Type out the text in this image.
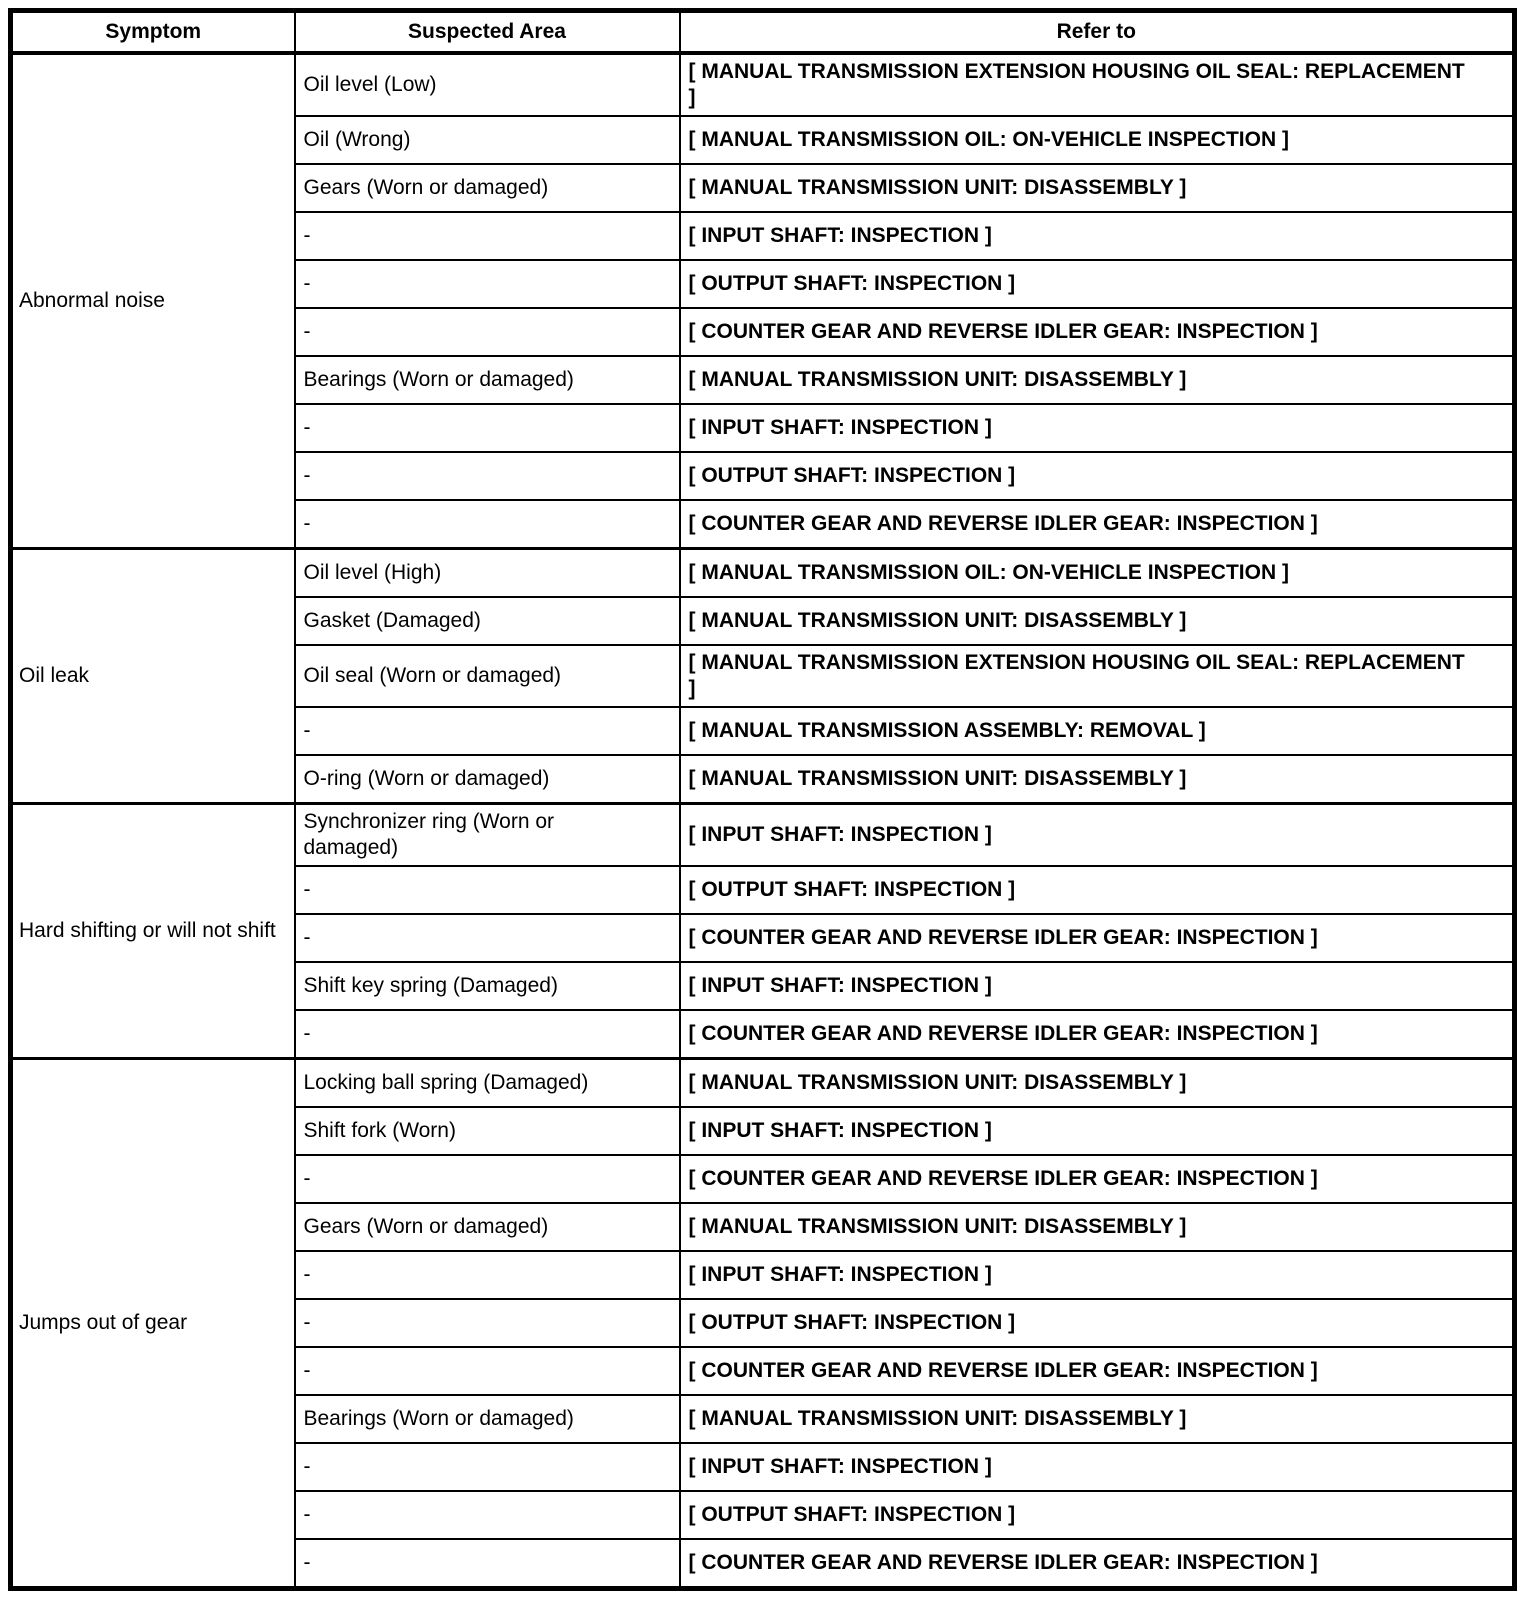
Symptom	Suspected Area	Refer to
Abnormal noise	Oil level (Low)	[ MANUAL TRANSMISSION EXTENSION HOUSING OIL SEAL: REPLACEMENT ]

	Oil (Wrong)	[ MANUAL TRANSMISSION OIL: ON-VEHICLE INSPECTION ]

	Gears (Worn or damaged)	[ MANUAL TRANSMISSION UNIT: DISASSEMBLY ]

	-	[ INPUT SHAFT: INSPECTION ]

	-	[ OUTPUT SHAFT: INSPECTION ]

	-	[ COUNTER GEAR AND REVERSE IDLER GEAR: INSPECTION ]

	Bearings (Worn or damaged)	[ MANUAL TRANSMISSION UNIT: DISASSEMBLY ]

	-	[ INPUT SHAFT: INSPECTION ]

	-	[ OUTPUT SHAFT: INSPECTION ]

	-	[ COUNTER GEAR AND REVERSE IDLER GEAR: INSPECTION ]

Oil leak	Oil level (High)	[ MANUAL TRANSMISSION OIL: ON-VEHICLE INSPECTION ]

	Gasket (Damaged)	[ MANUAL TRANSMISSION UNIT: DISASSEMBLY ]

	Oil seal (Worn or damaged)	[ MANUAL TRANSMISSION EXTENSION HOUSING OIL SEAL: REPLACEMENT ]

	-	[ MANUAL TRANSMISSION ASSEMBLY: REMOVAL ]

	O-ring (Worn or damaged)	[ MANUAL TRANSMISSION UNIT: DISASSEMBLY ]

Hard shifting or will not shift	Synchronizer ring (Worn or damaged)	[ INPUT SHAFT: INSPECTION ]

	-	[ OUTPUT SHAFT: INSPECTION ]

	-	[ COUNTER GEAR AND REVERSE IDLER GEAR: INSPECTION ]

	Shift key spring (Damaged)	[ INPUT SHAFT: INSPECTION ]

	-	[ COUNTER GEAR AND REVERSE IDLER GEAR: INSPECTION ]

Jumps out of gear	Locking ball spring (Damaged)	[ MANUAL TRANSMISSION UNIT: DISASSEMBLY ]

	Shift fork (Worn)	[ INPUT SHAFT: INSPECTION ]

	-	[ COUNTER GEAR AND REVERSE IDLER GEAR: INSPECTION ]

	Gears (Worn or damaged)	[ MANUAL TRANSMISSION UNIT: DISASSEMBLY ]

	-	[ INPUT SHAFT: INSPECTION ]

	-	[ OUTPUT SHAFT: INSPECTION ]

	-	[ COUNTER GEAR AND REVERSE IDLER GEAR: INSPECTION ]

	Bearings (Worn or damaged)	[ MANUAL TRANSMISSION UNIT: DISASSEMBLY ]

	-	[ INPUT SHAFT: INSPECTION ]

	-	[ OUTPUT SHAFT: INSPECTION ]

	-	[ COUNTER GEAR AND REVERSE IDLER GEAR: INSPECTION ]
